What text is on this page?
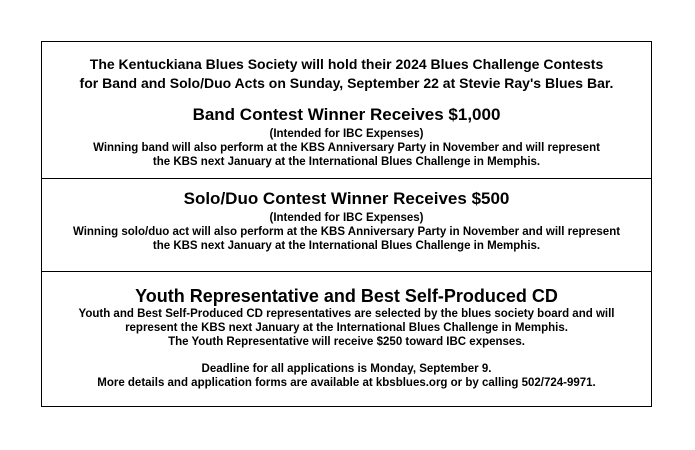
The Kentuckiana Blues Society will hold their 2024 Blues Challenge Contests
for Band and Solo/Duo Acts on Sunday, September 22 at Stevie Ray's Blues Bar.
Band Contest Winner Receives $1,000
(Intended for IBC Expenses)
Winning band will also perform at the KBS Anniversary Party in November and will represent
the KBS next January at the International Blues Challenge in Memphis.
Solo/Duo Contest Winner Receives $500
(Intended for IBC Expenses)
Winning solo/duo act will also perform at the KBS Anniversary Party in November and will represent
the KBS next January at the International Blues Challenge in Memphis.
Youth Representative and Best Self-Produced CD
Youth and Best Self-Produced CD representatives are selected by the blues society board and will
represent the KBS next January at the International Blues Challenge in Memphis.
The Youth Representative will receive $250 toward IBC expenses.
Deadline for all applications is Monday, September 9.
More details and application forms are available at kbsblues.org or by calling 502/724-9971.
